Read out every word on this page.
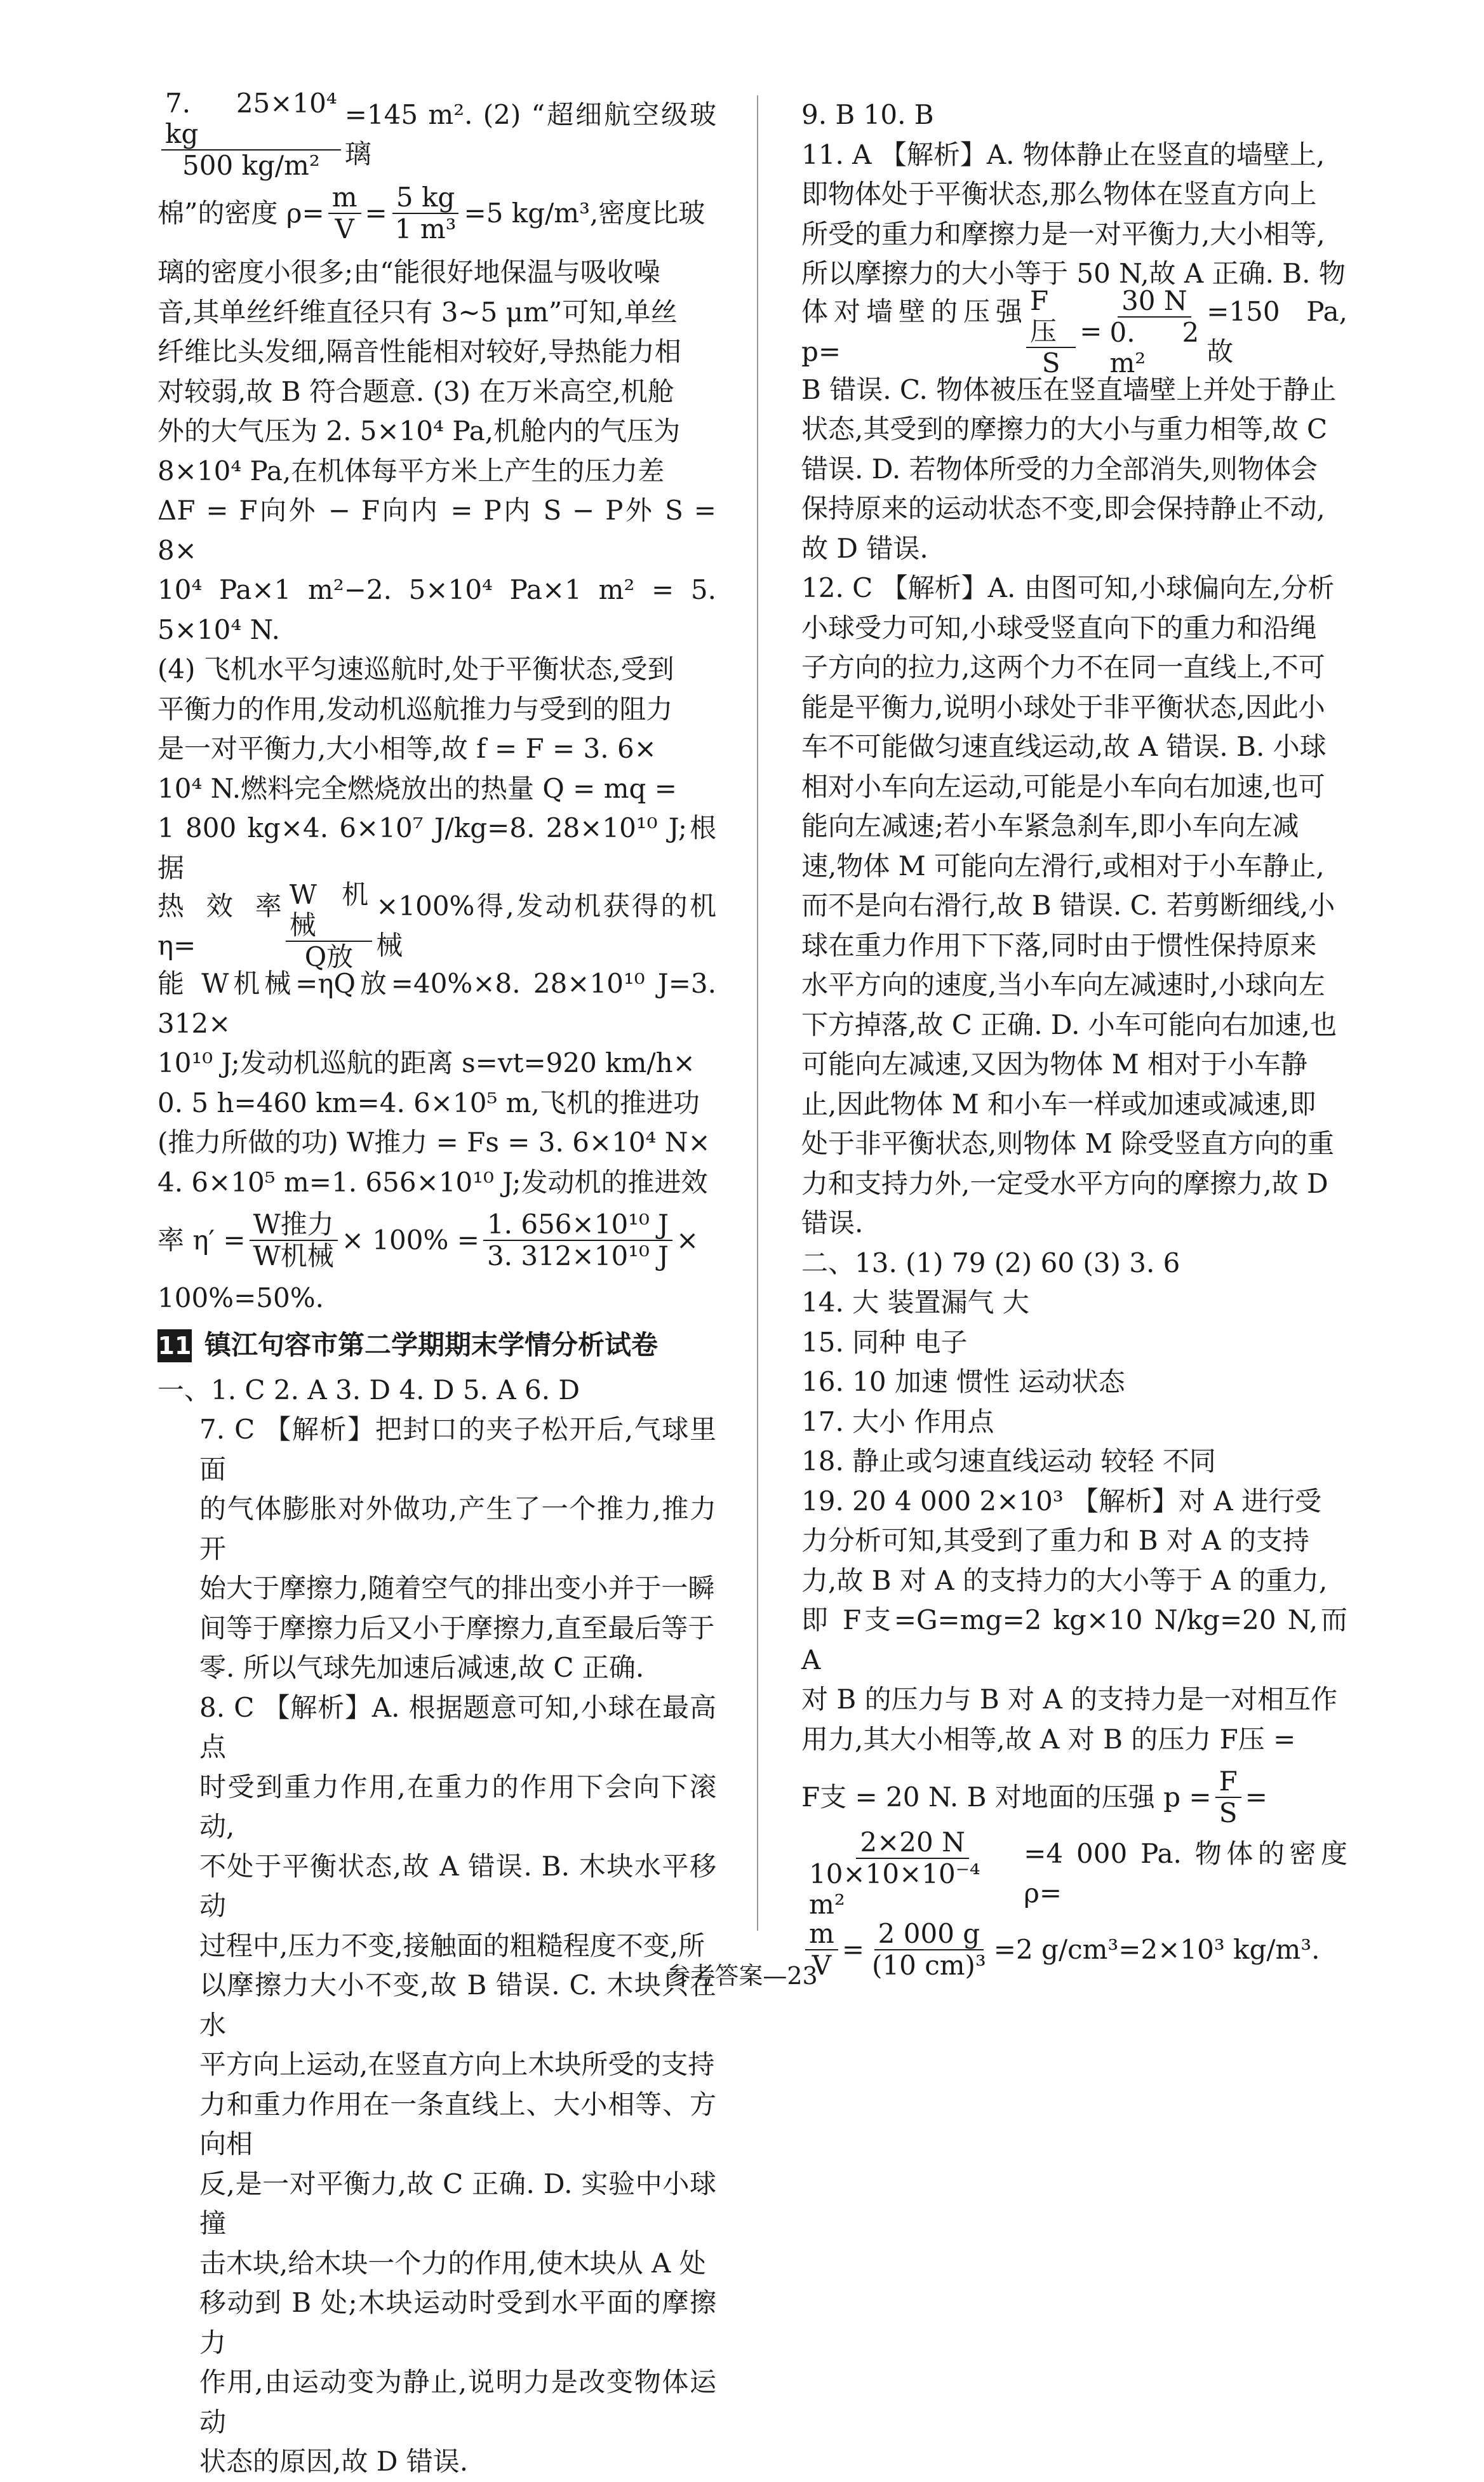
$\frac{\text{7. 25×10⁴ kg}}{\text{500 kg/m²}} =145$ m². (2) “超细航空级玻璃
棉”的密度 $\rho= \frac{m}{V} = \frac{5 kg}{\text{1 m³}} =5$ kg/m³,密度比玻
璃的密度小很多;由“能很好地保温与吸收噪
音,其单丝纤维直径只有 3~5 μm”可知,单丝
纤维比头发细,隔音性能相对较好,导热能力相
对较弱,故 B 符合题意. (3) 在万米高空,机舱
外的大气压为 2. 5×10⁴ Pa,机舱内的气压为
8×10⁴ Pa,在机体每平方米上产生的压力差
ΔF = F向外 − F向内 = P内 S − P外 S = 8×
10⁴ Pa×1 m²−2. 5×10⁴ Pa×1 m² = 5. 5×10⁴ N.
(4) 飞机水平匀速巡航时,处于平衡状态,受到
平衡力的作用,发动机巡航推力与受到的阻力
是一对平衡力,大小相等,故 f = F = 3. 6×
10⁴ N.燃料完全燃烧放出的热量 Q = mq =
1 800 kg×4. 6×10⁷ J/kg=8. 28×10¹⁰ J;根据
热效率 η=	$\frac{\text{W机械}}{\text{Q放}} \times 100\%$得,发动机获得的机械
能 W机械=ηQ放=40%×8. 28×10¹⁰ J=3. 312×
10¹⁰ J;发动机巡航的距离 s=vt=920 km/h×
0. 5 h=460 km=4. 6×10⁵ m,飞机的推进功
(推力所做的功) W推力 = Fs = 3. 6×10⁴ N×
4. 6×10⁵ m=1. 656×10¹⁰ J;发动机的推进效
率 $\eta' = \frac{\text{W推力}}{\text{W机械}} \times 100\% = \frac{\text{1. 656×10¹⁰ J}}{\text{3. 312×10¹⁰ J}}$ ×
100%=50%.
11 镇江句容市第二学期期末学情分析试卷
一、1. C 2. A 3. D 4. D 5. A 6. D
7. C 【解析】把封口的夹子松开后,气球里面
的气体膨胀对外做功,产生了一个推力,推力开
始大于摩擦力,随着空气的排出变小并于一瞬
间等于摩擦力后又小于摩擦力,直至最后等于
零. 所以气球先加速后减速,故 C 正确.
8. C 【解析】A. 根据题意可知,小球在最高点
时受到重力作用,在重力的作用下会向下滚动,
不处于平衡状态,故 A 错误. B. 木块水平移动
过程中,压力不变,接触面的粗糙程度不变,所
以摩擦力大小不变,故 B 错误. C. 木块只在水
平方向上运动,在竖直方向上木块所受的支持
力和重力作用在一条直线上、大小相等、方向相
反,是一对平衡力,故 C 正确. D. 实验中小球撞
击木块,给木块一个力的作用,使木块从 A 处
移动到 B 处;木块运动时受到水平面的摩擦力
作用,由运动变为静止,说明力是改变物体运动
状态的原因,故 D 错误.
9. B 10. B
11. A 【解析】A. 物体静止在竖直的墙壁上,
即物体处于平衡状态,那么物体在竖直方向上
所受的重力和摩擦力是一对平衡力,大小相等,
所以摩擦力的大小等于 50 N,故 A 正确. B. 物
体对墙壁的压强 p=	$\frac{\text{F压}}{S} = \frac{30 N}{\text{0. 2 m²}} =150$ Pa,故
B 错误. C. 物体被压在竖直墙壁上并处于静止
状态,其受到的摩擦力的大小与重力相等,故 C
错误. D. 若物体所受的力全部消失,则物体会
保持原来的运动状态不变,即会保持静止不动,
故 D 错误.
12. C 【解析】A. 由图可知,小球偏向左,分析
小球受力可知,小球受竖直向下的重力和沿绳
子方向的拉力,这两个力不在同一直线上,不可
能是平衡力,说明小球处于非平衡状态,因此小
车不可能做匀速直线运动,故 A 错误. B. 小球
相对小车向左运动,可能是小车向右加速,也可
能向左减速;若小车紧急刹车,即小车向左减
速,物体 M 可能向左滑行,或相对于小车静止,
而不是向右滑行,故 B 错误. C. 若剪断细线,小
球在重力作用下下落,同时由于惯性保持原来
水平方向的速度,当小车向左减速时,小球向左
下方掉落,故 C 正确. D. 小车可能向右加速,也
可能向左减速,又因为物体 M 相对于小车静
止,因此物体 M 和小车一样或加速或减速,即
处于非平衡状态,则物体 M 除受竖直方向的重
力和支持力外,一定受水平方向的摩擦力,故 D
错误.
二、13. (1) 79 (2) 60 (3) 3. 6
14. 大 装置漏气 大
15. 同种 电子
16. 10 加速 惯性 运动状态
17. 大小 作用点
18. 静止或匀速直线运动 较轻 不同
19. 20 4 000 2×10³ 【解析】对 A 进行受
力分析可知,其受到了重力和 B 对 A 的支持
力,故 B 对 A 的支持力的大小等于 A 的重力,
即 F支=G=mg=2 kg×10 N/kg=20 N,而 A
对 B 的压力与 B 对 A 的支持力是一对相互作
用力,其大小相等,故 A 对 B 的压力 F压 =
F支 = 20 N. B 对地面的压强 $p = \frac{F}{S}$ =
$\frac{2\times 20 N}{\text{10×10×10⁻⁴ m²}} =4$ 000 Pa. 物体的密度 ρ=
$\frac{m}{V} = \frac{2 000 g}{\text{(10 cm)³}} =2$ g/cm³=2×10³ kg/m³.
参考答案—23
